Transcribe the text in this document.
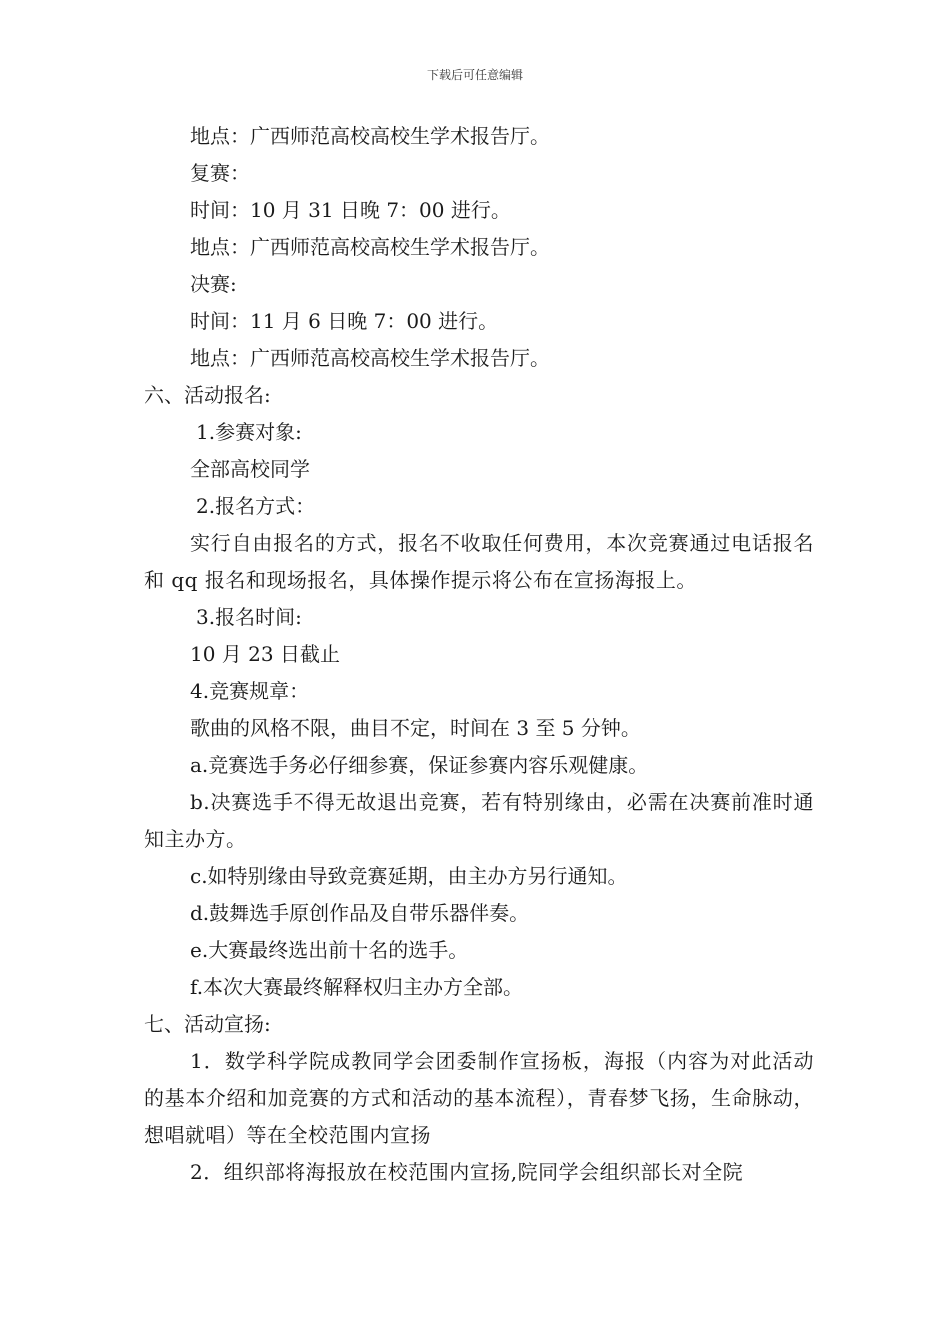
下载后可任意编辑
地点：广西师范高校高校生学术报告厅。
复赛：
时间：10 月 31 日晚 7：00 进行。
地点：广西师范高校高校生学术报告厅。
决赛:
时间：11 月 6 日晚 7：00 进行。
地点：广西师范高校高校生学术报告厅。
六、活动报名:
1.参赛对象:
全部高校同学
2.报名方式：
实行自由报名的方式，报名不收取任何费用，本次竞赛通过电话报名和 qq 报名和现场报名，具体操作提示将公布在宣扬海报上。
3.报名时间:
10 月 23 日截止
4.竞赛规章：
歌曲的风格不限，曲目不定，时间在 3 至 5 分钟。
a.竞赛选手务必仔细参赛，保证参赛内容乐观健康。
b.决赛选手不得无故退出竞赛，若有特别缘由，必需在决赛前准时通知主办方。
c.如特别缘由导致竞赛延期，由主办方另行通知。
d.鼓舞选手原创作品及自带乐器伴奏。
e.大赛最终选出前十名的选手。
f.本次大赛最终解释权归主办方全部。
七、活动宣扬:
1．数学科学院成教同学会团委制作宣扬板，海报（内容为对此活动的基本介绍和加竞赛的方式和活动的基本流程），青春梦飞扬，生命脉动，想唱就唱）等在全校范围内宣扬
2．组织部将海报放在校范围内宣扬,院同学会组织部长对全院
